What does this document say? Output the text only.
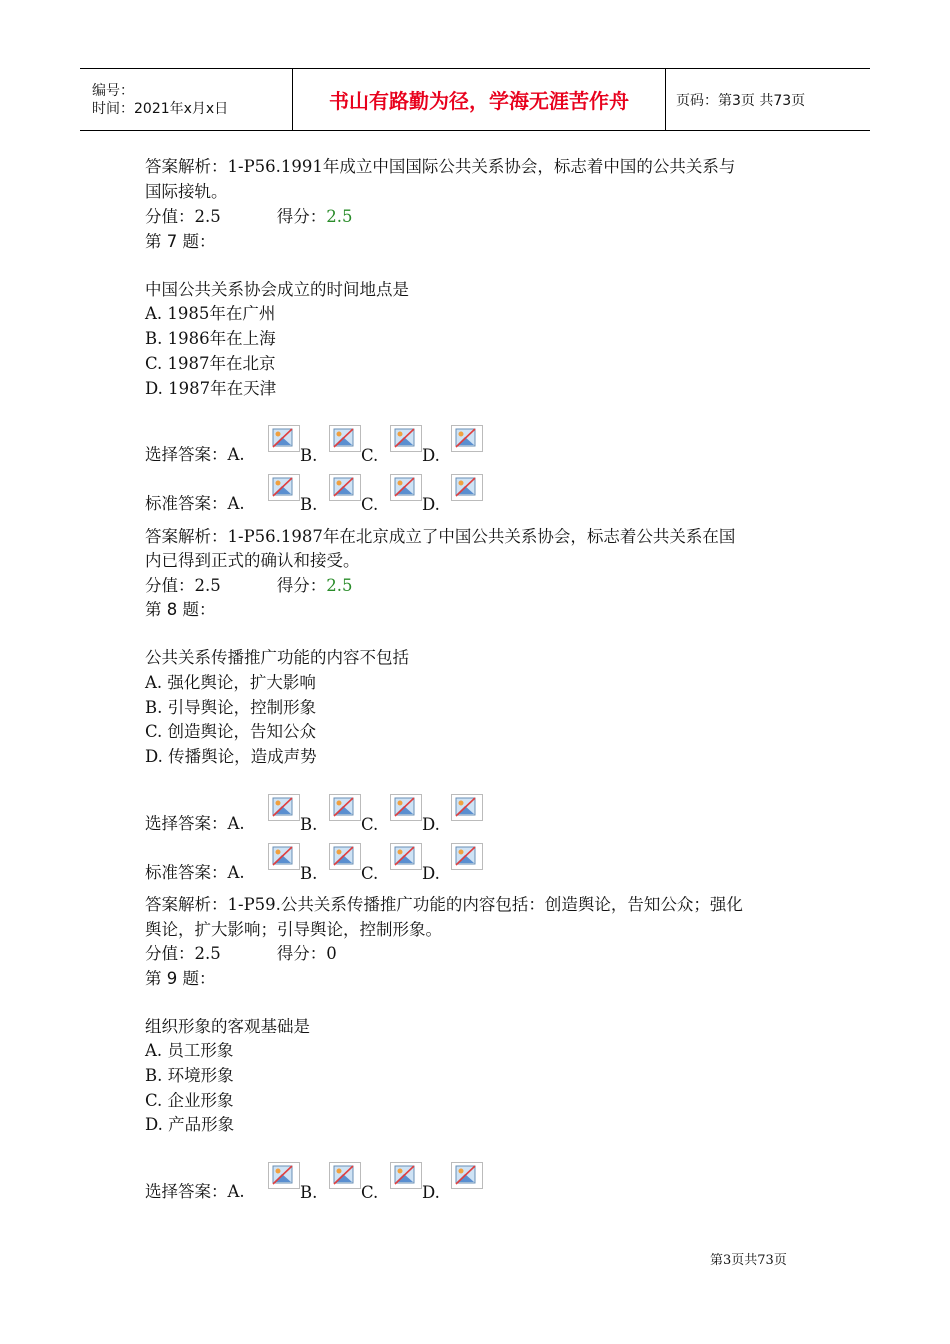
编号：
时间：2021年x月x日	书山有路勤为径，学海无涯苦作舟	页码：第3页 共73页
答案解析：1-P56.1991年成立中国国际公共关系协会，标志着中国的公共关系与
国际接轨。
分值：2.5	得分：2.5
第 7 题：
中国公共关系协会成立的时间地点是
A. 1985年在广州
B. 1986年在上海
C. 1987年在北京
D. 1987年在天津
选择答案：A.	B.	C.	D.
标准答案：A.	B.	C.	D.
答案解析：1-P56.1987年在北京成立了中国公共关系协会，标志着公共关系在国
内已得到正式的确认和接受。
分值：2.5	得分：2.5
第 8 题：
公共关系传播推广功能的内容不包括
A. 强化舆论，扩大影响
B. 引导舆论，控制形象
C. 创造舆论，告知公众
D. 传播舆论，造成声势
选择答案：A.	B.	C.	D.
标准答案：A.	B.	C.	D.
答案解析：1-P59.公共关系传播推广功能的内容包括：创造舆论，告知公众；强化
舆论，扩大影响；引导舆论，控制形象。
分值：2.5	得分：0
第 9 题：
组织形象的客观基础是
A. 员工形象
B. 环境形象
C. 企业形象
D. 产品形象
选择答案：A.	B.	C.	D.
第3页共73页
